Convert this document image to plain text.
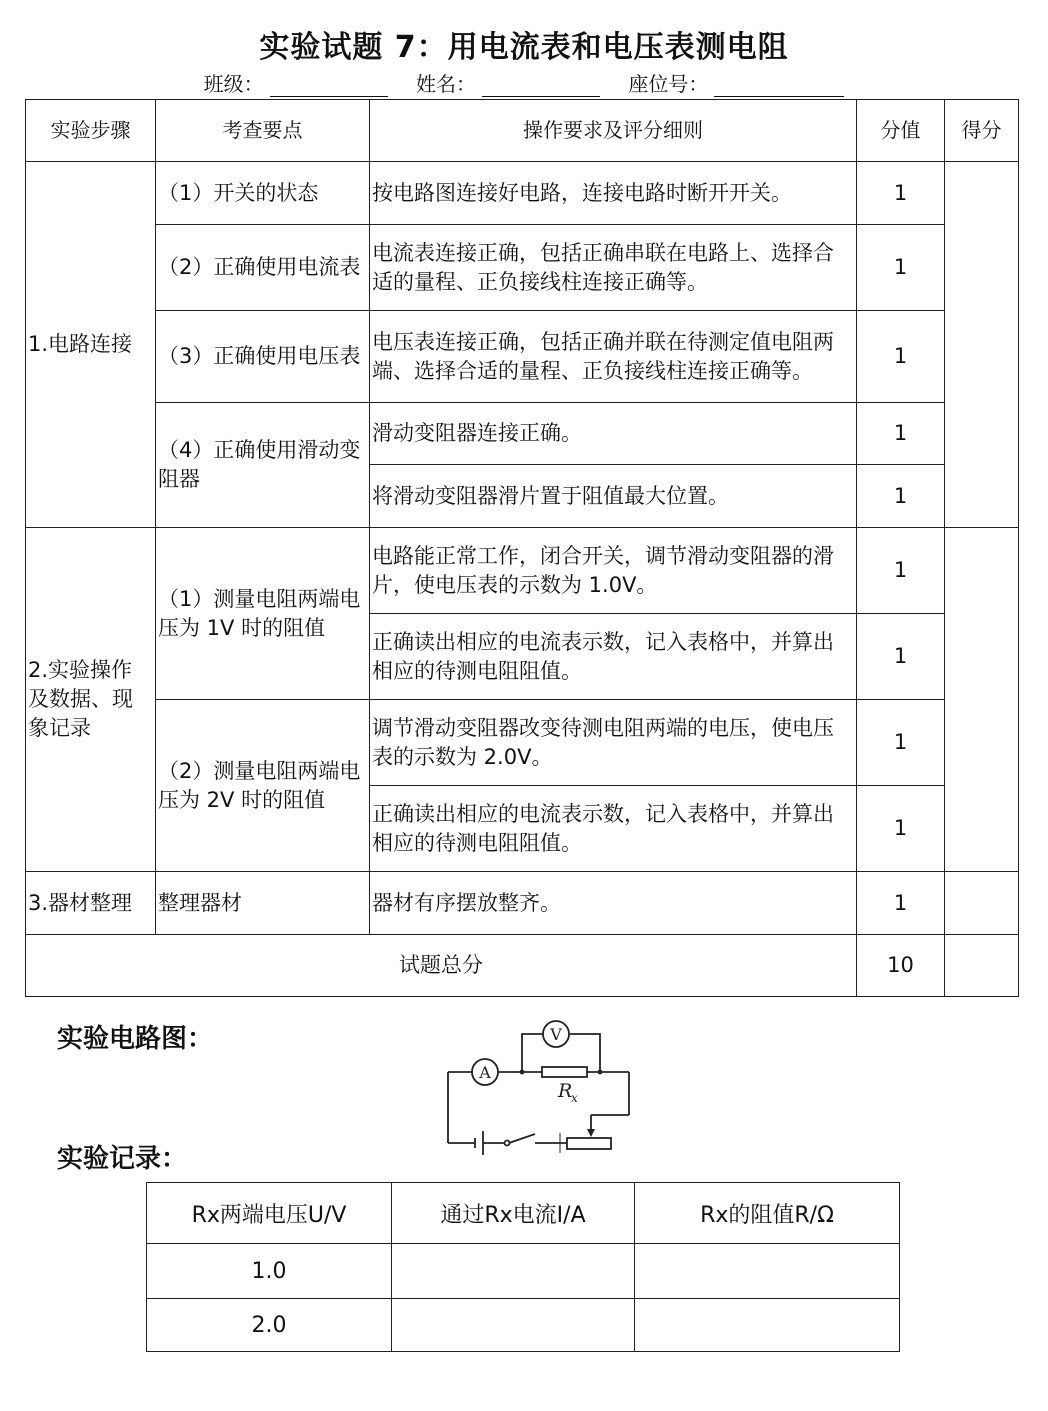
实验试题 7：用电流表和电压表测电阻
班级：	姓名：	座位号：
实验步骤	考查要点	操作要求及评分细则	分值	得分
1.电路连接	（1）开关的状态	按电路图连接好电路，连接电路时断开开关。	1	
	（2）正确使用电流表	电流表连接正确，包括正确串联在电路上、选择合适的量程、正负接线柱连接正确等。	1	
	（3）正确使用电压表	电压表连接正确，包括正确并联在待测定值电阻两端、选择合适的量程、正负接线柱连接正确等。	1	
	（4）正确使用滑动变阻器	滑动变阻器连接正确。	1	
		将滑动变阻器滑片置于阻值最大位置。	1	
2.实验操作及数据、现象记录	（1）测量电阻两端电压为 1V 时的阻值	电路能正常工作，闭合开关，调节滑动变阻器的滑片，使电压表的示数为 1.0V。	1	
		正确读出相应的电流表示数，记入表格中，并算出相应的待测电阻阻值。	1	
	（2）测量电阻两端电压为 2V 时的阻值	调节滑动变阻器改变待测电阻两端的电压，使电压表的示数为 2.0V。	1	
		正确读出相应的电流表示数，记入表格中，并算出相应的待测电阻阻值。	1	
3.器材整理	整理器材	器材有序摆放整齐。	1	
试题总分			10	
实验电路图：
A
V
R
x
实验记录：
Rx两端电压U/V	通过Rx电流I/A	Rx的阻值R/Ω
1.0		
2.0		
